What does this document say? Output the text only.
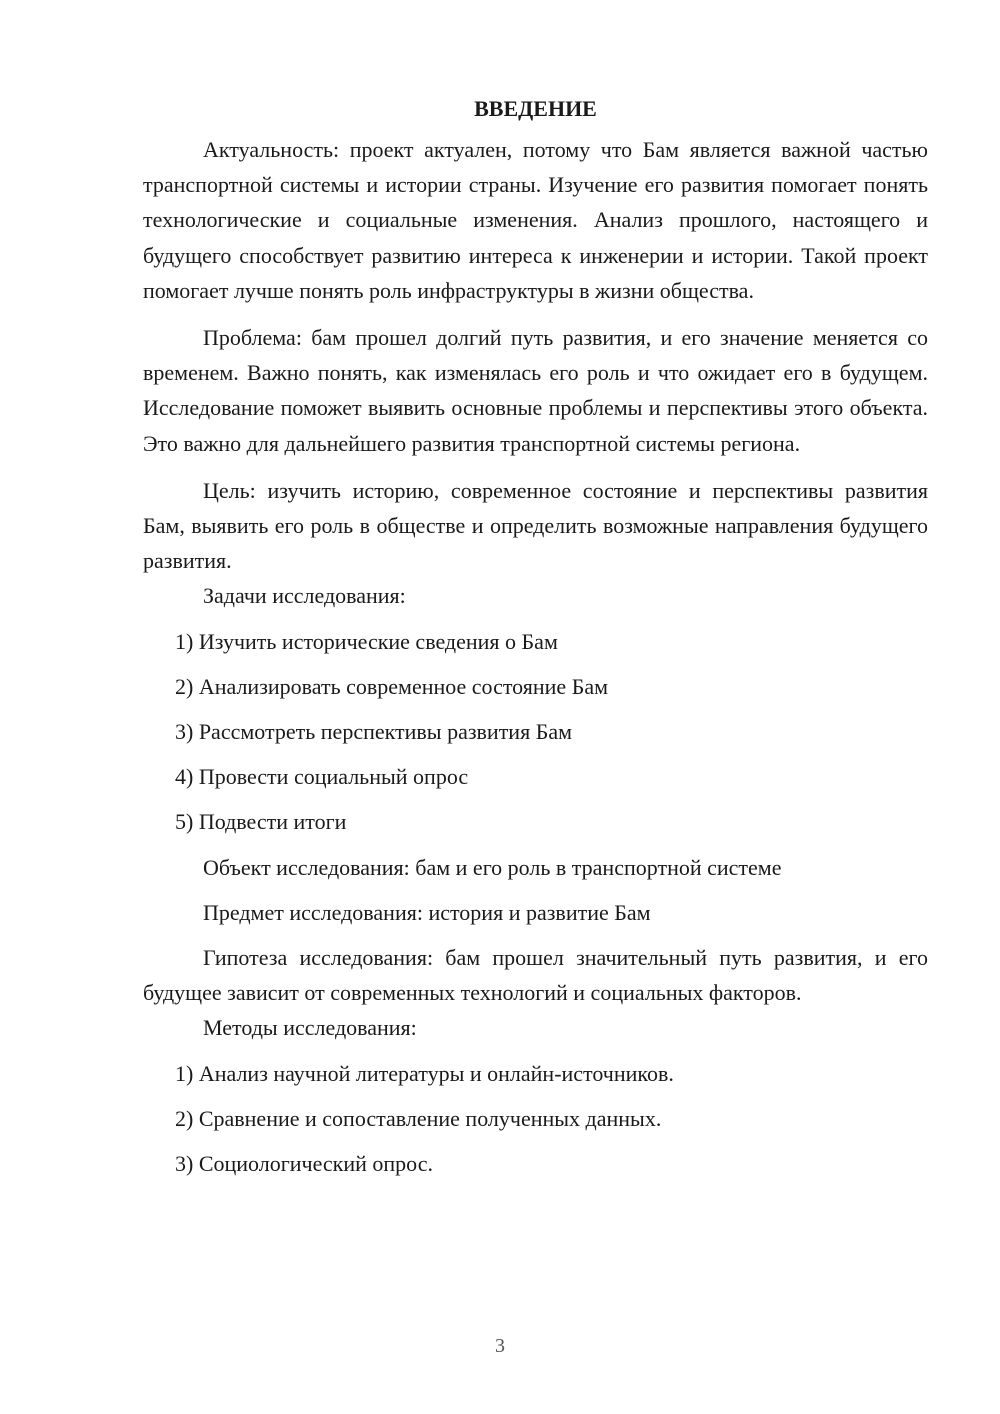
ВВЕДЕНИЕ

Актуальность: проект актуален, потому что Бам является важной частью транспортной системы и истории страны. Изучение его развития помогает понять технологические и социальные изменения. Анализ прошлого, настоящего и будущего способствует развитию интереса к инженерии и истории. Такой проект помогает лучше понять роль инфраструктуры в жизни общества.

Проблема: бам прошел долгий путь развития, и его значение меняется со временем. Важно понять, как изменялась его роль и что ожидает его в будущем. Исследование поможет выявить основные проблемы и перспективы этого объекта. Это важно для дальнейшего развития транспортной системы региона.

Цель: изучить историю, современное состояние и перспективы развития Бам, выявить его роль в обществе и определить возможные направления будущего развития.

Задачи исследования:

1) Изучить исторические сведения о Бам

2) Анализировать современное состояние Бам

3) Рассмотреть перспективы развития Бам

4) Провести социальный опрос

5) Подвести итоги

Объект исследования: бам и его роль в транспортной системе

Предмет исследования: история и развитие Бам

Гипотеза исследования: бам прошел значительный путь развития, и его будущее зависит от современных технологий и социальных факторов.

Методы исследования:

1) Анализ научной литературы и онлайн-источников.

2) Сравнение и сопоставление полученных данных.

3) Социологический опрос.

3
